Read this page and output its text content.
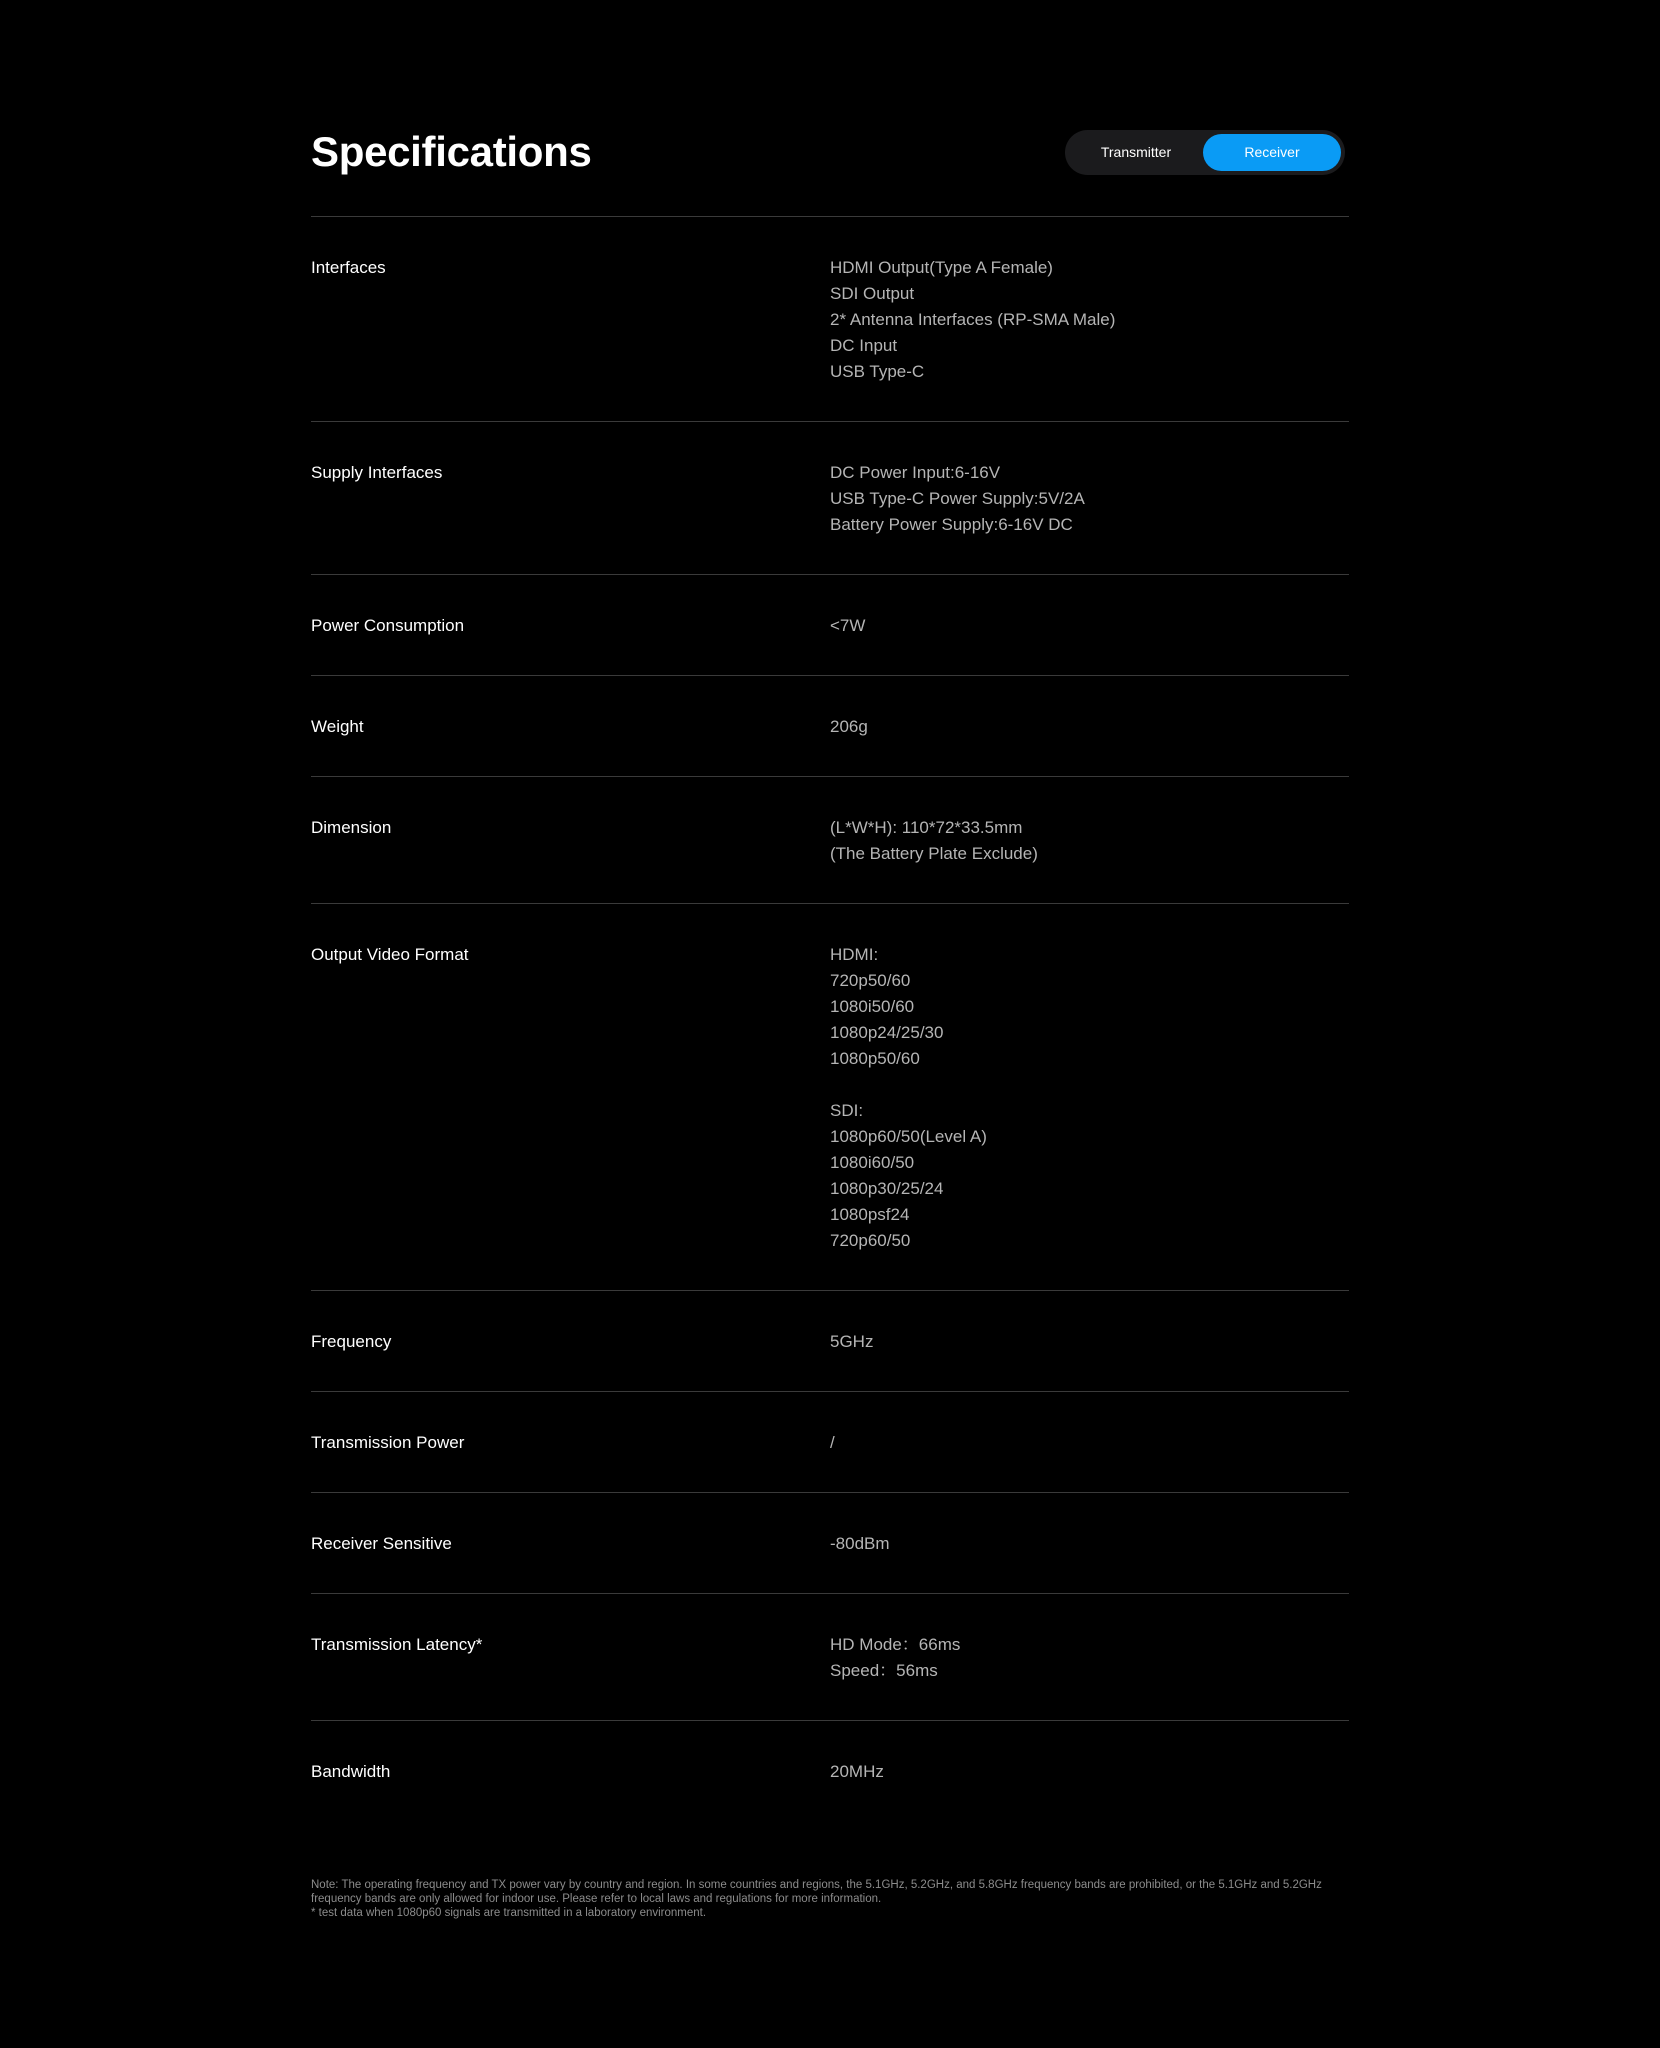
Specifications	Transmitter	Receiver
Interfaces	HDMI Output(Type A Female)
SDI Output
2* Antenna Interfaces (RP-SMA Male)
DC Input
USB Type-C
Supply Interfaces	DC Power Input:6-16V
USB Type-C Power Supply:5V/2A
Battery Power Supply:6-16V DC
Power Consumption	<7W
Weight	206g
Dimension	(L*W*H): 110*72*33.5mm
(The Battery Plate Exclude)
Output Video Format	HDMI:
720p50/60
1080i50/60
1080p24/25/30
1080p50/60
SDI:
1080p60/50(Level A)
1080i60/50
1080p30/25/24
1080psf24
720p60/50
Frequency	5GHz
Transmission Power	/
Receiver Sensitive	-80dBm
Transmission Latency*	HD Mode：66ms
Speed：56ms
Bandwidth	20MHz
Note: The operating frequency and TX power vary by country and region. In some countries and regions, the 5.1GHz, 5.2GHz, and 5.8GHz frequency bands are prohibited, or the 5.1GHz and 5.2GHz frequency bands are only allowed for indoor use. Please refer to local laws and regulations for more information.
* test data when 1080p60 signals are transmitted in a laboratory environment.
